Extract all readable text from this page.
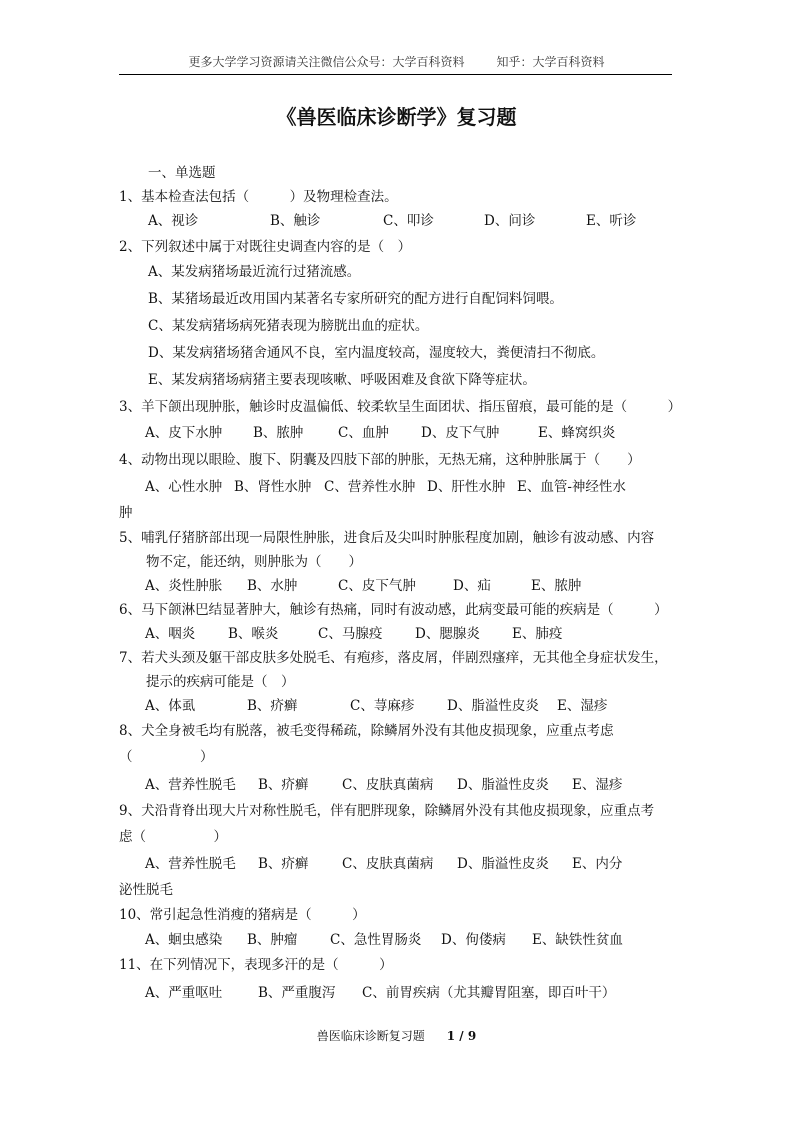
更多大学学习资源请关注微信公众号：大学百科资料	知乎：大学百科资料
《兽医临床诊断学》复习题
一、单选题
1、基本检查法包括（　　　）及物理检查法。
A、视诊	B、触诊	C、叩诊	D、问诊	E、听诊
2、下列叙述中属于对既往史调查内容的是（　）
A、某发病猪场最近流行过猪流感。
B、某猪场最近改用国内某著名专家所研究的配方进行自配饲料饲喂。
C、某发病猪场病死猪表现为膀胱出血的症状。
D、某发病猪场猪舍通风不良，室内温度较高，湿度较大，粪便清扫不彻底。
E、某发病猪场病猪主要表现咳嗽、呼吸困难及食欲下降等症状。
3、羊下颌出现肿胀，触诊时皮温偏低、较柔软呈生面团状、指压留痕，最可能的是（　　　）
A、皮下水肿 B、脓肿	C、血肿 D、皮下气肿	E、蜂窝织炎
4、动物出现以眼睑、腹下、阴囊及四肢下部的肿胀，无热无痛，这种肿胀属于（　　）
A、心性水肿 B、肾性水肿 C、营养性水肿 D、肝性水肿 E、血管-神经性水
肿
5、哺乳仔猪脐部出现一局限性肿胀，进食后及尖叫时肿胀程度加剧，触诊有波动感、内容
物不定，能还纳，则肿胀为（　　）
A、炎性肿胀 B、水肿	C、皮下气肿	D、疝	E、脓肿
6、马下颌淋巴结显著肿大，触诊有热痛，同时有波动感，此病变最可能的疾病是（　　　）
A、咽炎 B、喉炎	C、马腺疫 D、腮腺炎 E、肺疫
7、若犬头颈及躯干部皮肤多处脱毛、有疱疹，落皮屑，伴剧烈瘙痒，无其他全身症状发生，
提示的疾病可能是（　）
A、体虱	B、疥癣	C、荨麻疹 D、脂溢性皮炎 E、湿疹
8、犬全身被毛均有脱落，被毛变得稀疏，除鳞屑外没有其他皮损现象，应重点考虑
（　　　　　）
A、营养性脱毛 B、疥癣 C、皮肤真菌病 D、脂溢性皮炎 E、湿疹
9、犬沿背脊出现大片对称性脱毛，伴有肥胖现象，除鳞屑外没有其他皮损现象，应重点考
虑（　　　　　）
A、营养性脱毛 B、疥癣 C、皮肤真菌病 D、脂溢性皮炎 E、内分
泌性脱毛
10、常引起急性消瘦的猪病是（　　　）
A、蛔虫感染 B、肿瘤 C、急性胃肠炎 D、佝偻病 E、缺铁性贫血
11、在下列情况下，表现多汗的是（　　　）
A、严重呕吐	B、严重腹泻 C、前胃疾病（尤其瓣胃阻塞，即百叶干）
兽医临床诊断复习题 1 / 9
